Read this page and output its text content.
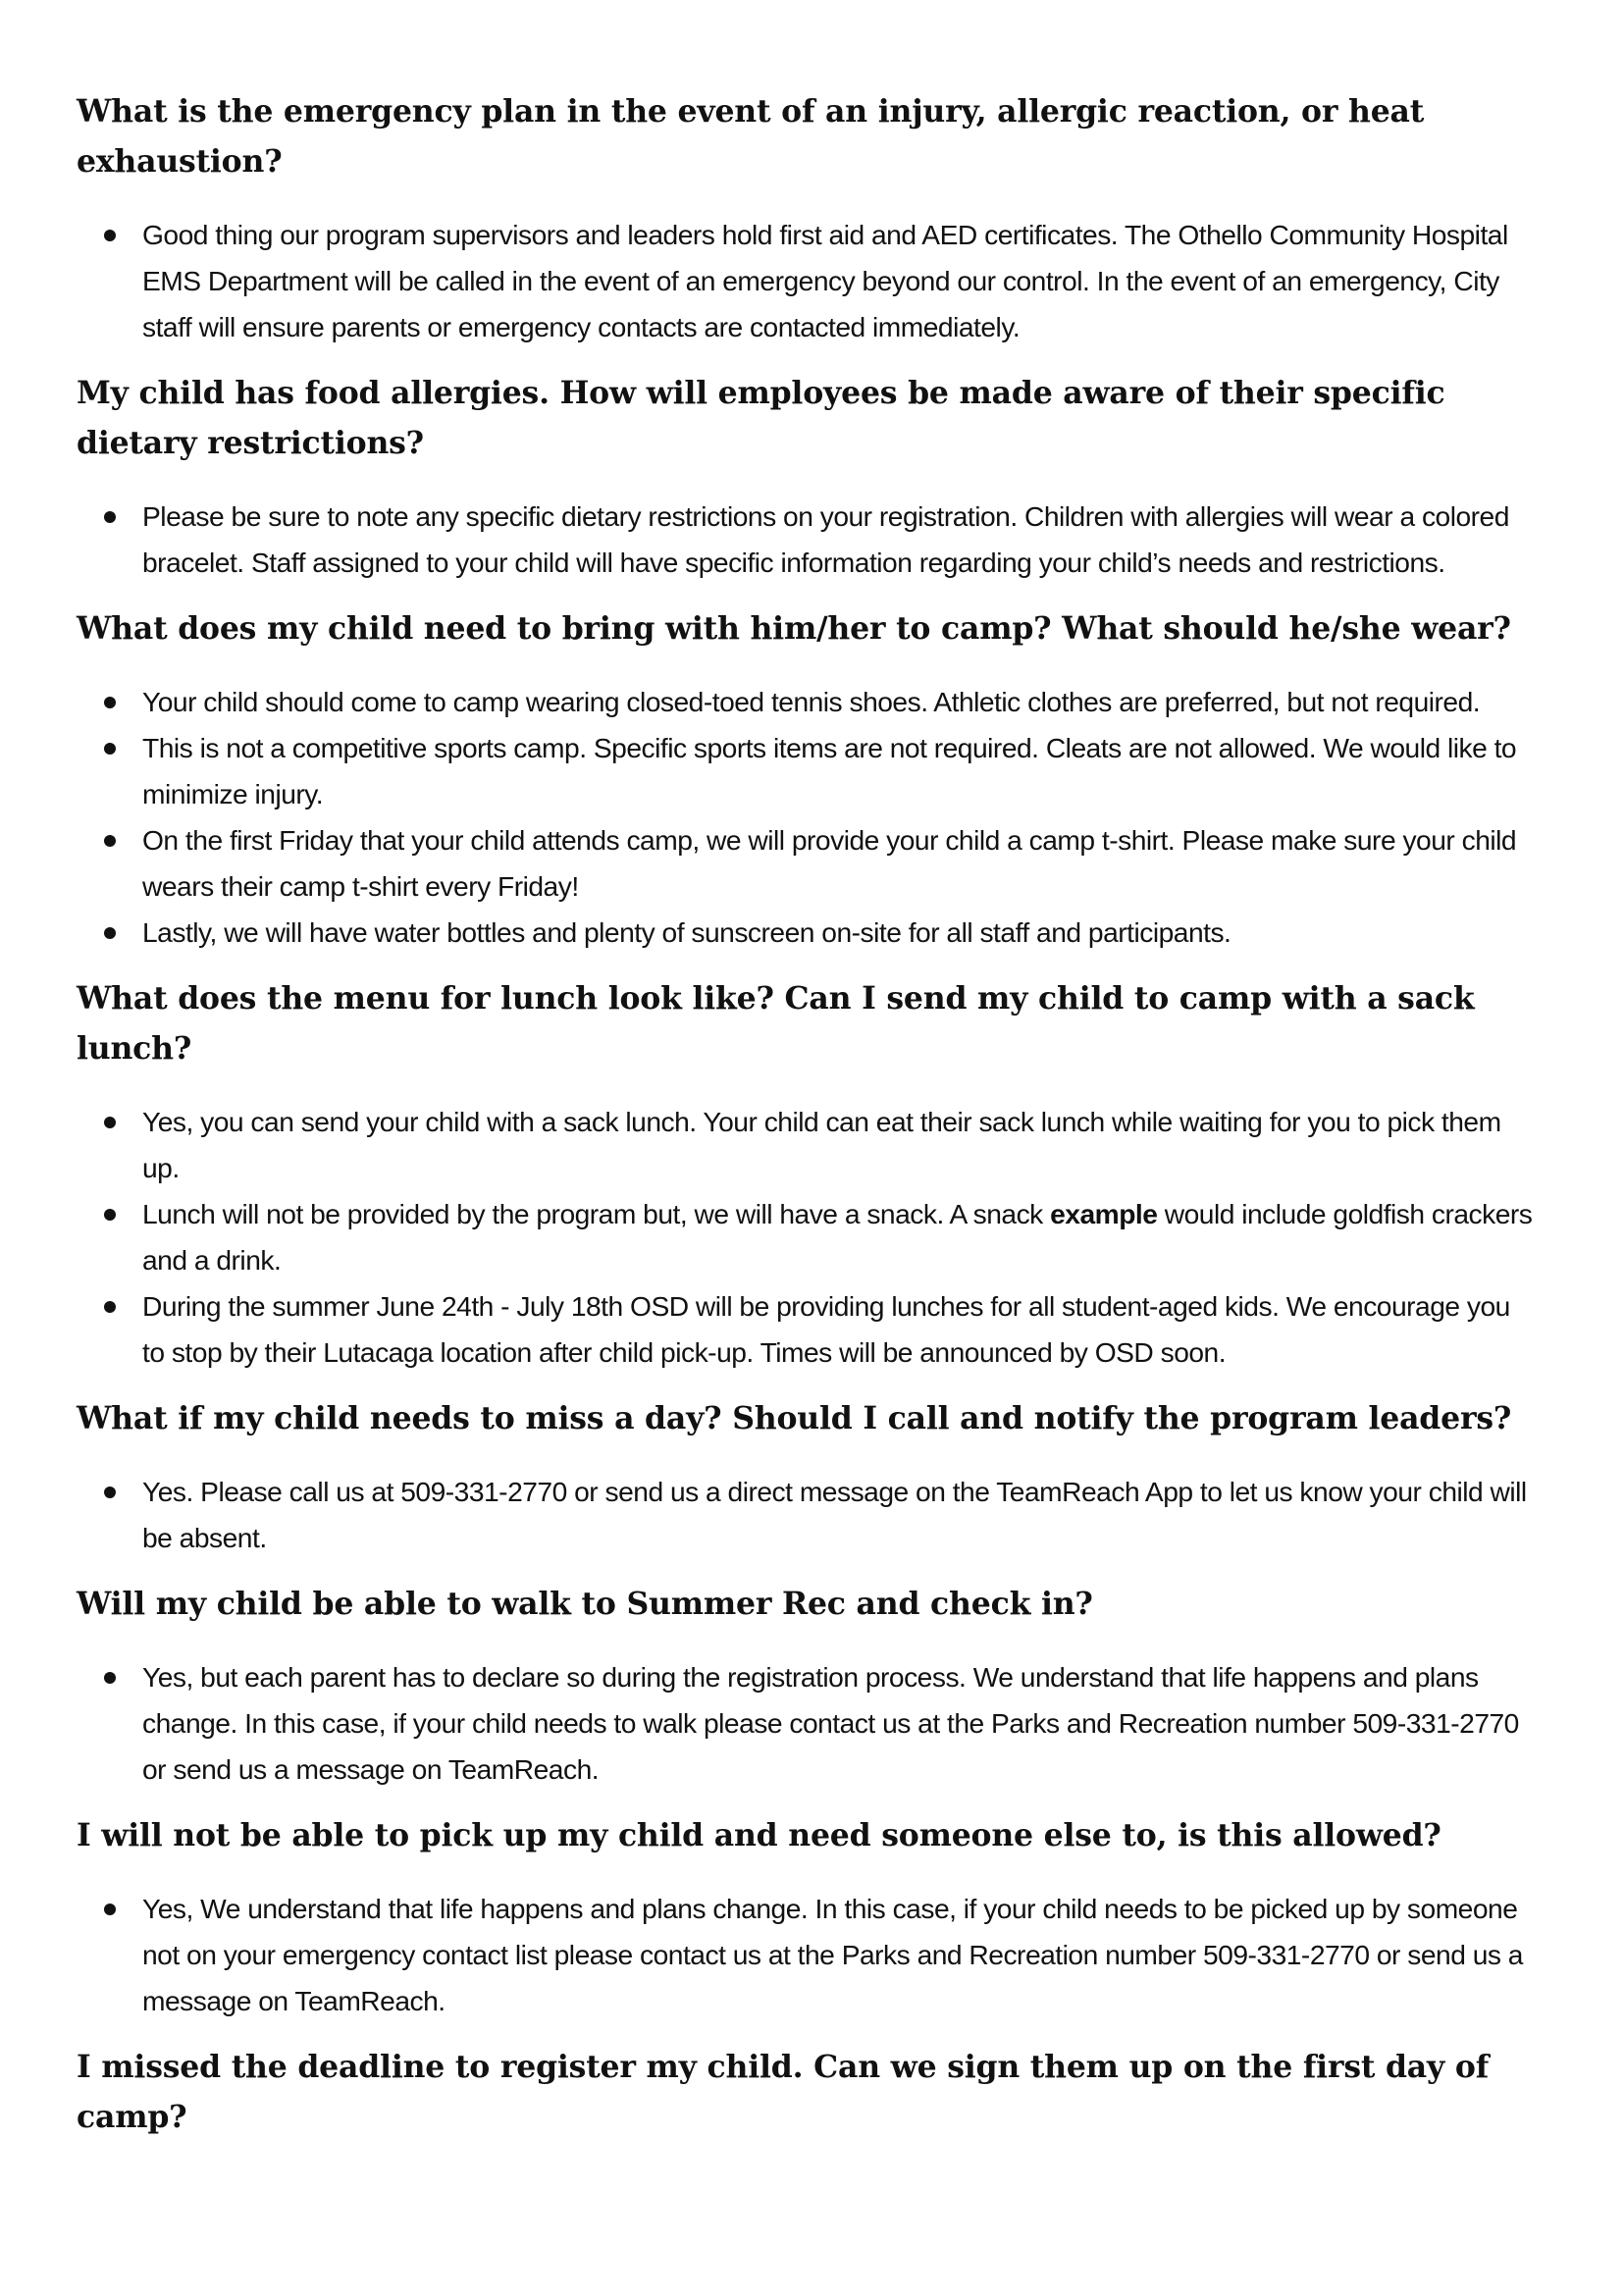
What is the emergency plan in the event of an injury, allergic reaction, or heat exhaustion?
Good thing our program supervisors and leaders hold first aid and AED certificates. The Othello Community Hospital EMS Department will be called in the event of an emergency beyond our control. In the event of an emergency, City staff will ensure parents or emergency contacts are contacted immediately.
My child has food allergies. How will employees be made aware of their specific dietary restrictions?
Please be sure to note any specific dietary restrictions on your registration. Children with allergies will wear a colored bracelet. Staff assigned to your child will have specific information regarding your child’s needs and restrictions.
What does my child need to bring with him/her to camp? What should he/she wear?
Your child should come to camp wearing closed-toed tennis shoes. Athletic clothes are preferred, but not required.
This is not a competitive sports camp. Specific sports items are not required. Cleats are not allowed. We would like to minimize injury.
On the first Friday that your child attends camp, we will provide your child a camp t-shirt. Please make sure your child wears their camp t-shirt every Friday!
Lastly, we will have water bottles and plenty of sunscreen on-site for all staff and participants.
What does the menu for lunch look like? Can I send my child to camp with a sack lunch?
Yes, you can send your child with a sack lunch. Your child can eat their sack lunch while waiting for you to pick them up.
Lunch will not be provided by the program but, we will have a snack. A snack example would include goldfish crackers and a drink.
During the summer June 24th - July 18th OSD will be providing lunches for all student-aged kids. We encourage you to stop by their Lutacaga location after child pick-up. Times will be announced by OSD soon.
What if my child needs to miss a day? Should I call and notify the program leaders?
Yes. Please call us at 509-331-2770 or send us a direct message on the TeamReach App to let us know your child will be absent.
Will my child be able to walk to Summer Rec and check in?
Yes, but each parent has to declare so during the registration process. We understand that life happens and plans change. In this case, if your child needs to walk please contact us at the Parks and Recreation number 509-331-2770 or send us a message on TeamReach.
I will not be able to pick up my child and need someone else to, is this allowed?
Yes, We understand that life happens and plans change. In this case, if your child needs to be picked up by someone not on your emergency contact list please contact us at the Parks and Recreation number 509-331-2770 or send us a message on TeamReach.
I missed the deadline to register my child. Can we sign them up on the first day of camp?
